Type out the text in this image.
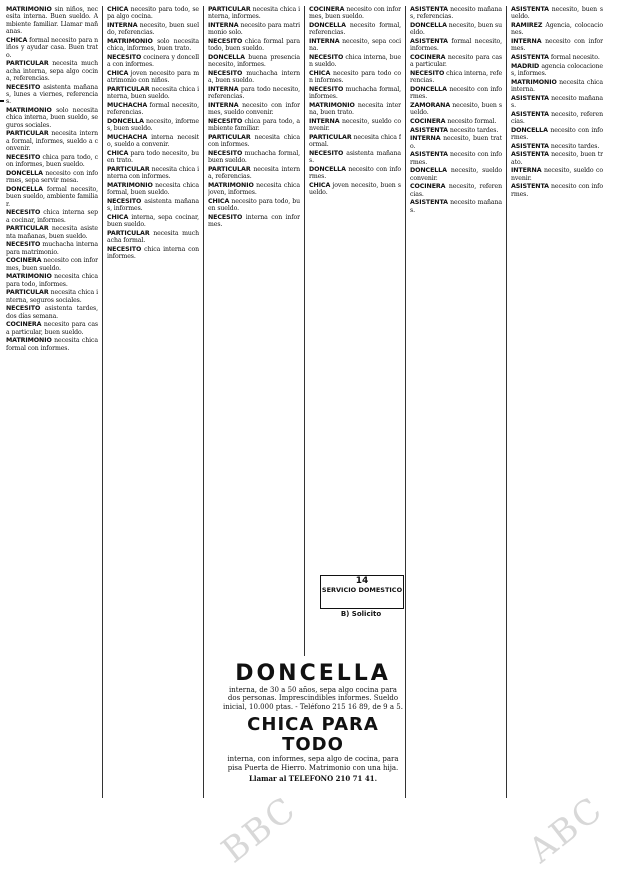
MATRIMONIO sin niños, necesita interna. Buen sueldo. Ambiente familiar. Llamar mañanas.

CHICA formal necesito para niños y ayudar casa. Buen trato.

PARTICULAR necesita muchacha interna, sepa algo cocina, referencias.

NECESITO asistenta mañanas, lunes a viernes, referencias.

MATRIMONIO solo necesita chica interna, buen sueldo, seguros sociales.

PARTICULAR necesita interna formal, informes, sueldo a convenir.

NECESITO chica para todo, con informes, buen sueldo.

DONCELLA necesito con informes, sepa servir mesa.

DONCELLA formal necesito, buen sueldo, ambiente familiar.

NECESITO chica interna sepa cocinar, informes.

PARTICULAR necesita asistenta mañanas, buen sueldo.

NECESITO muchacha interna para matrimonio.

COCINERA necesito con informes, buen sueldo.

MATRIMONIO necesita chica para todo, informes.

PARTICULAR necesita chica interna, seguros sociales.

NECESITO asistenta tardes, dos días semana.

COCINERA necesito para casa particular, buen sueldo.

MATRIMONIO necesita chica formal con informes.

CHICA necesito para todo, sepa algo cocina.

INTERNA necesito, buen sueldo, referencias.

MATRIMONIO solo necesita chica, informes, buen trato.

NECESITO cocinera y doncella con informes.

CHICA joven necesito para matrimonio con niños.

PARTICULAR necesita chica interna, buen sueldo.

MUCHACHA formal necesito, referencias.

DONCELLA necesito, informes, buen sueldo.

MUCHACHA interna necesito, sueldo a convenir.

CHICA para todo necesito, buen trato.

PARTICULAR necesita chica interna con informes.

MATRIMONIO necesita chica formal, buen sueldo.

NECESITO asistenta mañanas, informes.

CHICA interna, sepa cocinar, buen sueldo.

PARTICULAR necesita muchacha formal.

NECESITO chica interna con informes.

PARTICULAR necesita chica interna, informes.

INTERNA necesito para matrimonio solo.

NECESITO chica formal para todo, buen sueldo.

DONCELLA buena presencia necesito, informes.

NECESITO muchacha interna, buen sueldo.

INTERNA para todo necesito, referencias.

INTERNA necesito con informes, sueldo convenir.

NECESITO chica para todo, ambiente familiar.

PARTICULAR necesita chica con informes.

NECESITO muchacha formal, buen sueldo.

PARTICULAR necesita interna, referencias.

MATRIMONIO necesita chica joven, informes.

CHICA necesito para todo, buen sueldo.

NECESITO interna con informes.

COCINERA necesito con informes, buen sueldo.

DONCELLA necesito formal, referencias.

INTERNA necesito, sepa cocina.

NECESITO chica interna, buen sueldo.

CHICA necesito para todo con informes.

NECESITO muchacha formal, informes.

MATRIMONIO necesita interna, buen trato.

INTERNA necesito, sueldo convenir.

PARTICULAR necesita chica formal.

NECESITO asistenta mañanas.

DONCELLA necesito con informes.

CHICA joven necesito, buen sueldo.

ASISTENTA necesito mañanas, referencias.

DONCELLA necesito, buen sueldo.

ASISTENTA formal necesito, informes.

COCINERA necesito para casa particular.

NECESITO chica interna, referencias.

DONCELLA necesito con informes.

ZAMORANA necesito, buen sueldo.

COCINERA necesito formal.

ASISTENTA necesito tardes.

INTERNA necesito, buen trato.

ASISTENTA necesito con informes.

DONCELLA necesito, sueldo convenir.

COCINERA necesito, referencias.

ASISTENTA necesito mañanas.

ASISTENTA necesito, buen sueldo.

RAMIREZ Agencia, colocaciones.

INTERNA necesito con informes.

ASISTENTA formal necesito.

MADRID agencia colocaciones, informes.

MATRIMONIO necesita chica interna.

ASISTENTA necesito mañanas.

ASISTENTA necesito, referencias.

DONCELLA necesito con informes.

ASISTENTA necesito tardes.

ASISTENTA necesito, buen trato.

INTERNA necesito, sueldo convenir.

ASISTENTA necesito con informes.

14
SERVICIO DOMESTICO
B) Solicito
DONCELLA
interna, de 30 a 50 años, sepa algo cocina para dos personas. Imprescindibles informes. Sueldo inicial, 10.000 ptas. - Teléfono 215 16 89, de 9 a 5.
CHICA PARA TODO
interna, con informes, sepa algo de cocina, para pisa Puerta de Hierro. Matrimonio con una hija.
Llamar al TELEFONO 210 71 41.
BBC	ABC
